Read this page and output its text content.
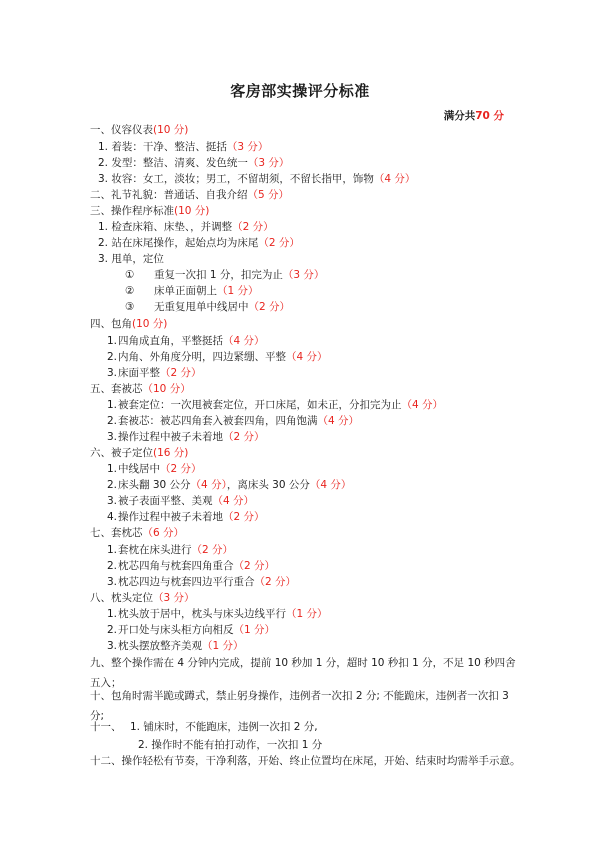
客房部实操评分标准
满分共70 分
一、仪容仪表(10 分)
1. 着装：干净、整洁、挺括（3 分）
2. 发型：整洁、清爽、发色统一（3 分）
3. 妆容：女工，淡妆；男工，不留胡须，不留长指甲，饰物（4 分）
二、礼节礼貌：普通话、自我介绍（5 分）
三、操作程序标准(10 分)
1. 检查床箱、床垫、，并调整（2 分）
2. 站在床尾操作，起始点均为床尾（2 分）
3. 甩单，定位
① 重复一次扣 1 分，扣完为止（3 分）
② 床单正面朝上（1 分）
③ 无重复甩单中线居中（2 分）
四、包角(10 分)
1. 四角成直角，平整挺括（4 分）
2. 内角、外角度分明，四边紧绷、平整（4 分）
3. 床面平整（2 分）
五、套被芯（10 分）
1. 被套定位：一次甩被套定位，开口床尾，如未正，分扣完为止（4 分）
2. 套被芯：被芯四角套入被套四角，四角饱满（4 分）
3. 操作过程中被子未着地（2 分）
六、被子定位(16 分)
1. 中线居中（2 分）
2. 床头翻 30 公分（4 分），离床头 30 公分（4 分）
3. 被子表面平整、美观（4 分）
4. 操作过程中被子未着地（2 分）
七、套枕芯（6 分）
1. 套枕在床头进行（2 分）
2. 枕芯四角与枕套四角重合（2 分）
3. 枕芯四边与枕套四边平行重合（2 分）
八、枕头定位（3 分）
1. 枕头放于居中，枕头与床头边线平行（1 分）
2. 开口处与床头柜方向相反（1 分）
3. 枕头摆放整齐美观（1 分）
九、整个操作需在 4 分钟内完成，提前 10 秒加 1 分，超时 10 秒扣 1 分，不足 10 秒四舍五入；
十、包角时需半跪或蹲式，禁止躬身操作，违例者一次扣 2 分; 不能跪床，违例者一次扣 3 分;
十一、 1. 铺床时，不能跑床，违例一次扣 2 分,
2. 操作时不能有拍打动作，一次扣 1 分
十二、操作轻松有节奏，干净利落，开始、终止位置均在床尾，开始、结束时均需举手示意。
